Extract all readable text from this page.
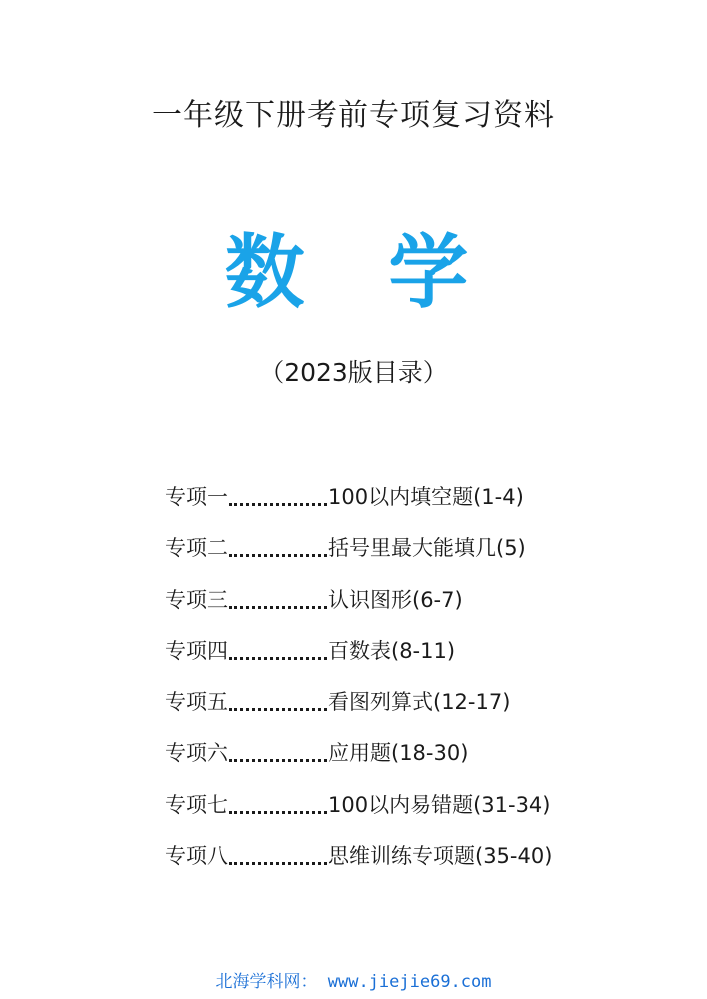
一年级下册考前专项复习资料
数 学
（2023版目录）
专项一	100以内填空题(1-4)
专项二	括号里最大能填几(5)
专项三	认识图形(6-7)
专项四	百数表(8-11)
专项五	看图列算式(12-17)
专项六	应用题(18-30)
专项七	100以内易错题(31-34)
专项八	思维训练专项题(35-40)
北海学科网： www.jiejie69.com
